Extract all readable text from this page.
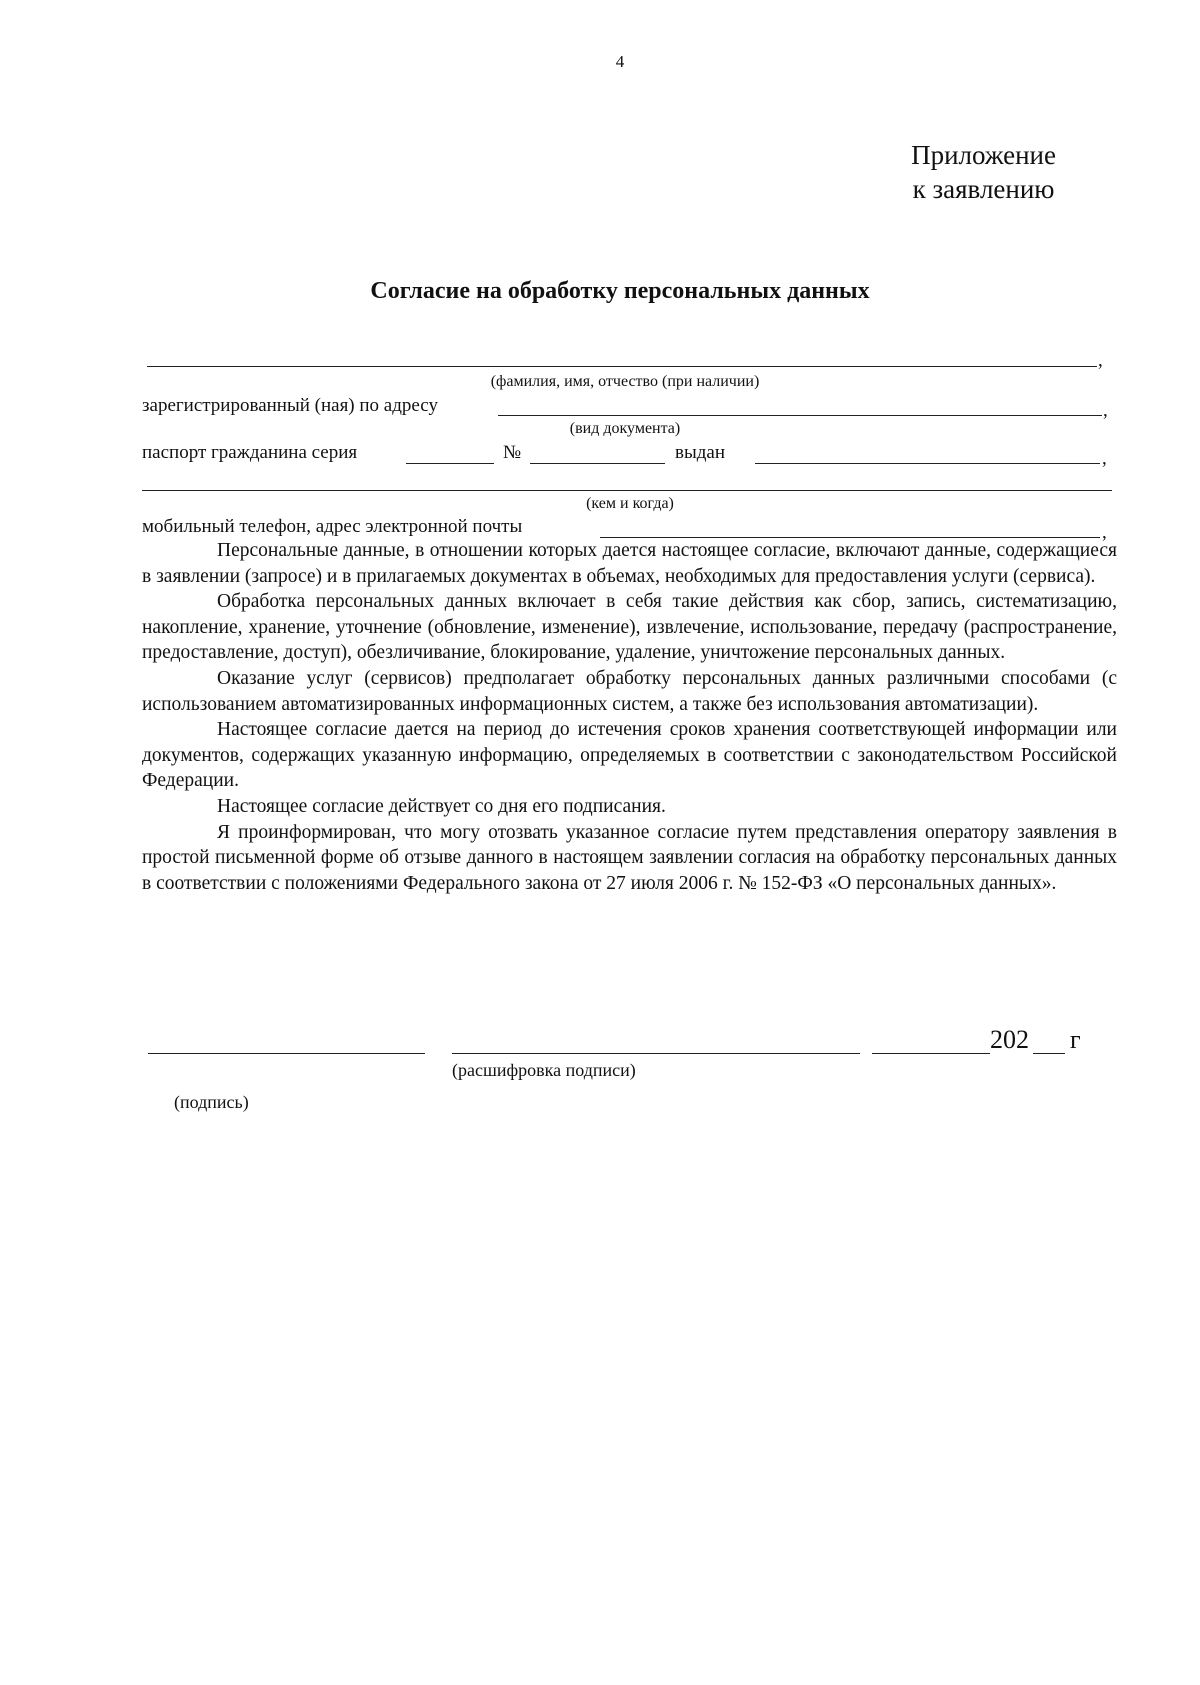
4
Приложение
к заявлению
Согласие на обработку персональных данных
,
(фамилия, имя, отчество (при наличии)
зарегистрированный (ная) по адресу	,
(вид документа)
паспорт гражданина серия	№	выдан	,
(кем и когда)
мобильный телефон, адрес электронной почты	,

Персональные данные, в отношении которых дается настоящее согласие, включают данные, содержащиеся в заявлении (запросе) и в прилагаемых документах в объемах, необходимых для предоставления услуги (сервиса).

Обработка персональных данных включает в себя такие действия как сбор, запись, систематизацию, накопление, хранение, уточнение (обновление, изменение), извлечение, использование, передачу (распространение, предоставление, доступ), обезличивание, блокирование, удаление, уничтожение персональных данных.

Оказание услуг (сервисов) предполагает обработку персональных данных различными способами (с использованием автоматизированных информационных систем, а также без использования автоматизации).

Настоящее согласие дается на период до истечения сроков хранения соответствующей информации или документов, содержащих указанную информацию, определяемых в соответствии с законодательством Российской Федерации.

Настоящее согласие действует со дня его подписания.

Я проинформирован, что могу отозвать указанное согласие путем представления оператору заявления в простой письменной форме об отзыве данного в настоящем заявлении согласия на обработку персональных данных в соответствии с положениями Федерального закона от 27 июля 2006 г. № 152-ФЗ «О персональных данных».

202 г
(расшифровка подписи)
(подпись)
